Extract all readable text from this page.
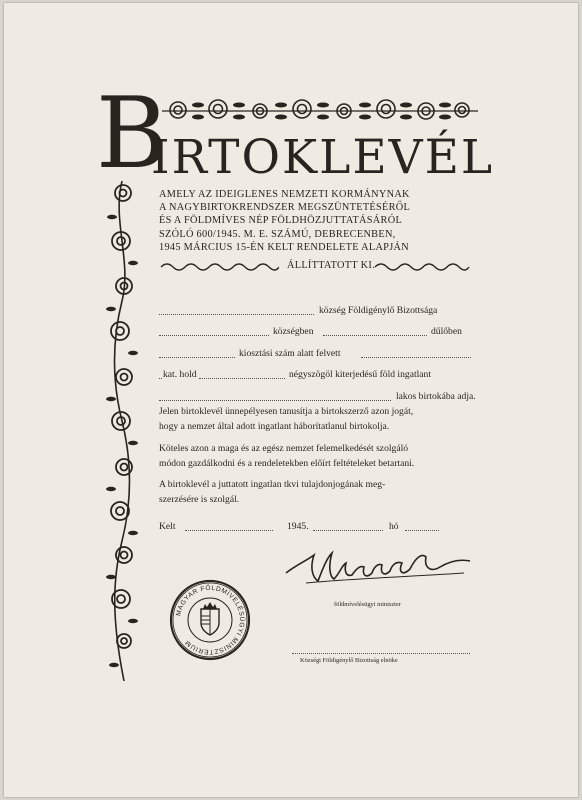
B
IRTOKLEVÉL
AMELY AZ IDEIGLENES NEMZETI KORMÁNYNAK
A NAGYBIRTOKRENDSZER MEGSZÜNTETÉSÉRŐL
ÉS A FÖLDMÍVES NÉP FÖLDHÖZJUTTATÁSÁRÓL
SZÓLÓ 600/1945. M. E. SZÁMÚ, DEBRECENBEN,
1945 MÁRCIUS 15-ÉN KELT RENDELETE ALAPJÁN
ÁLLÍTTATOTT KI.
község Földigénylő Bizottsága
községben	dűlőben
kiosztási szám alatt felvett
kat. hold	négyszögöl kiterjedésű föld ingatlant
lakos birtokába adja.
Jelen birtoklevél ünnepélyesen tanusítja a birtokszerző azon jogát,
hogy a nemzet által adott ingatlant háborítatlanul birtokolja.
Köteles azon a maga és az egész nemzet felemelkedését szolgáló
módon gazdálkodni és a rendeletekben előírt feltételeket betartani.
A birtoklevél a juttatott ingatlan tkvi tulajdonjogának meg-
szerzésére is szolgál.
Kelt	1945.	hó
földmívelésügyi miniszter
MAGYAR FÖLDMÍVELÉSÜGYI MINISZTERIUM
Községi Földigénylő Bizottság elnöke
